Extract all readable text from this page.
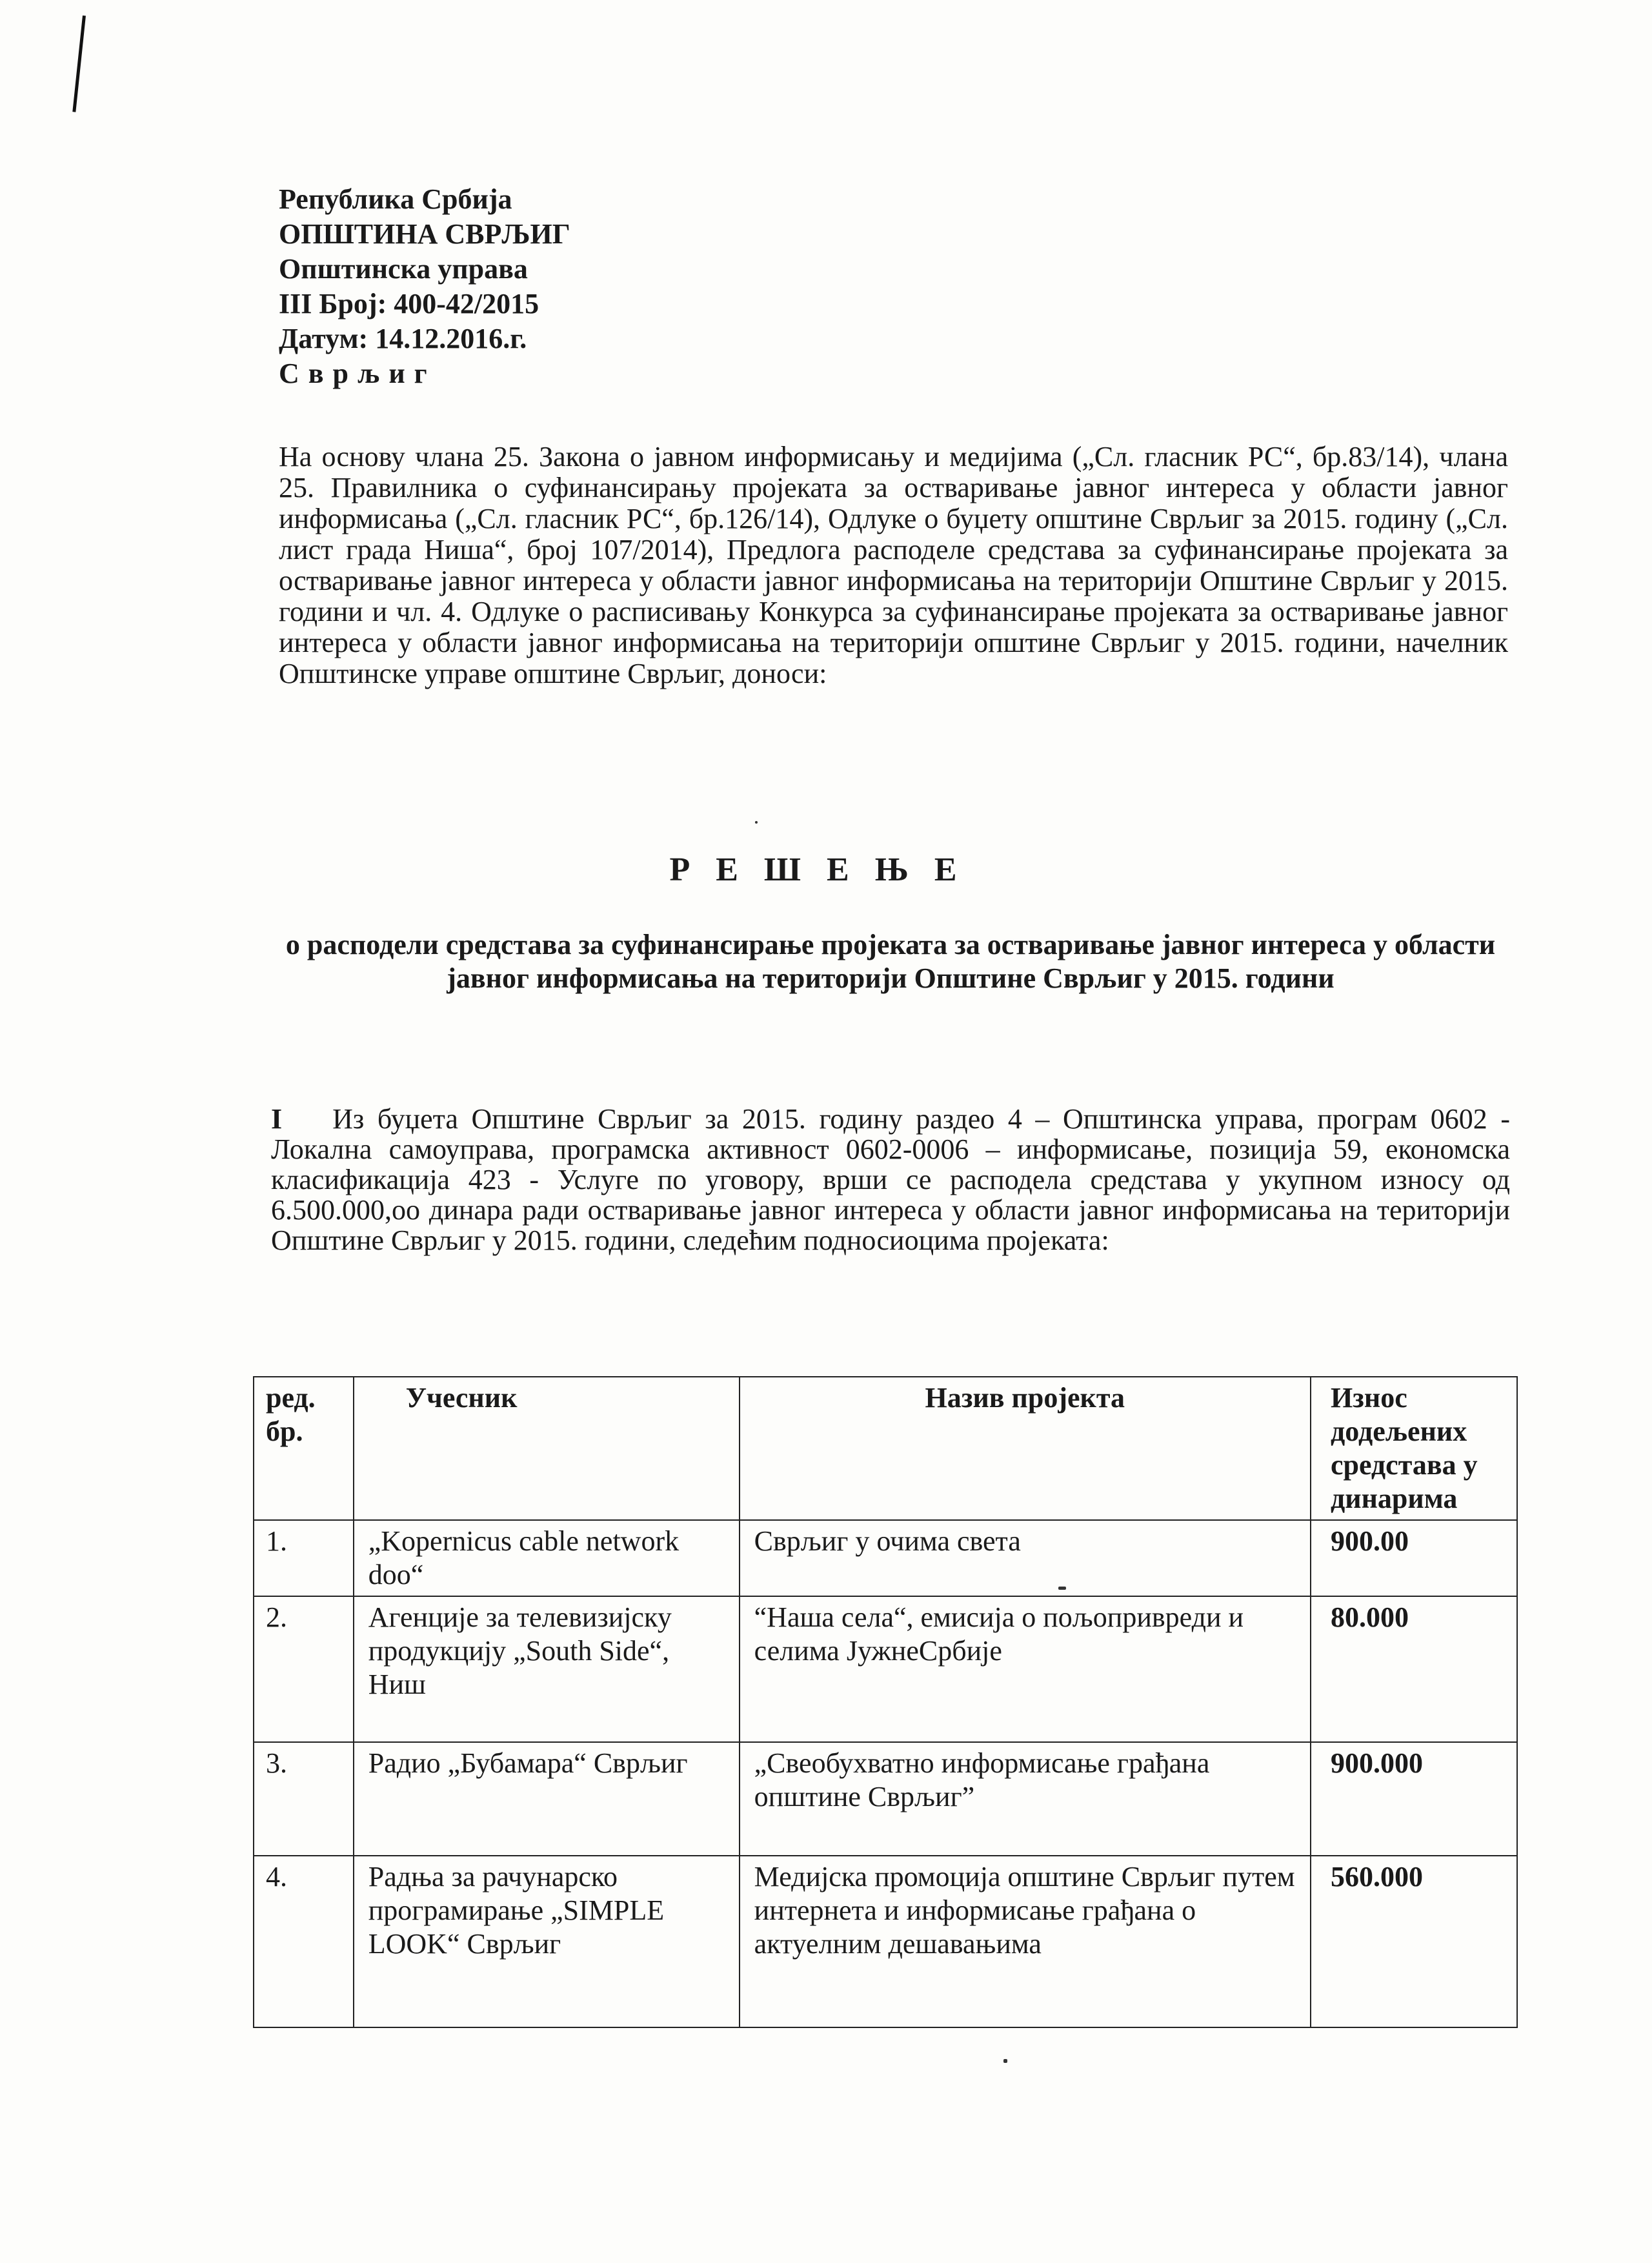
Република Србија
ОПШТИНА СВРЉИГ
Општинска управа
III Број: 400-42/2015
Датум: 14.12.2016.г.
Сврљиг
На основу члана 25. Закона о јавном информисању и медијима („Сл. гласник РС“, бр.83/14), члана 25. Правилника о суфинансирању пројеката за остваривање јавног интереса у области јавног информисања („Сл. гласник РС“, бр.126/14), Одлуке о буџету општине Сврљиг за 2015. годину („Сл. лист града Ниша“, број 107/2014), Предлога расподеле средстава за суфинансирање пројеката за остваривање јавног интереса у области јавног информисања на територији Општине Сврљиг у 2015. години и чл. 4. Одлуке о расписивању Конкурса за суфинансирање пројеката за остваривање јавног интереса у области јавног информисања на територији општине Сврљиг у 2015. години, начелник Општинске управе општине Сврљиг, доноси:
РЕШЕЊЕ
о расподели средстава за суфинансирање пројеката за остваривање јавног интереса у области јавног информисања на територији Општине Сврљиг у 2015. години
I Из буџета Општине Сврљиг за 2015. годину раздео 4 – Општинска управа, програм 0602 - Локална самоуправа, програмска активност 0602-0006 – информисање, позиција 59, економска класификација 423 - Услуге по уговору, врши се расподела средстава у укупном износу од 6.500.000,оо динара ради остваривање јавног интереса у области јавног информисања на територији Општине Сврљиг у 2015. години, следећим подносиоцима пројеката:
ред. бр.	Учесник	Назив пројекта	Износ додељених средстава у динарима
1.	„Kopernicus cable network doo“	Сврљиг у очима света	900.00
2.	Агенције за телевизијску продукцију „South Side“, Ниш	“Наша села“, емисија о пољопривреди и селима ЈужнеСрбије	80.000
3.	Радио „Бубамара“ Сврљиг	„Свеобухватно информисање грађана општине Сврљиг”	900.000
4.	Радња за рачунарско програмирање „SIMPLE LOOK“ Сврљиг	Медијска промоција општине Сврљиг путем интернета и информисање грађана о актуелним дешавањима	560.000
